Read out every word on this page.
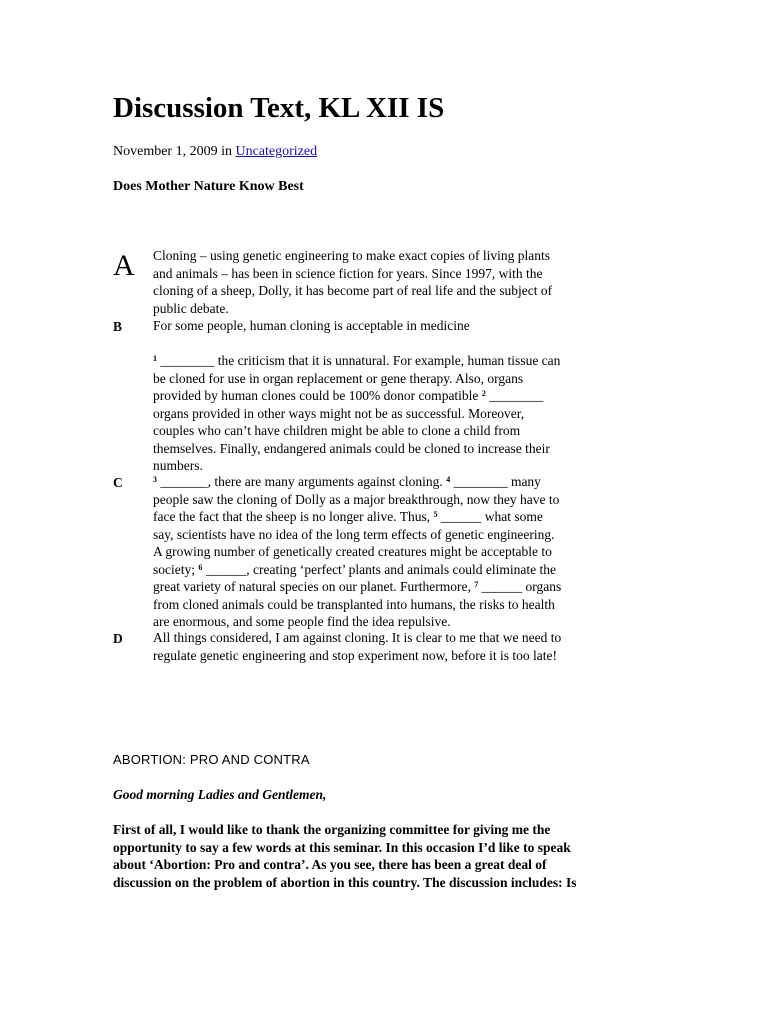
Discussion Text, KL XII IS
November 1, 2009 in Uncategorized
Does Mother Nature Know Best
A Cloning – using genetic engineering to make exact copies of living plants
and animals – has been in science fiction for years. Since 1997, with the
cloning of a sheep, Dolly, it has become part of real life and the subject of
public debate.

B For some people, human cloning is acceptable in medicine

$^1$ ________ the criticism that it is unnatural. For example, human tissue can
be cloned for use in organ replacement or gene therapy. Also, organs
provided by human clones could be 100% donor compatible $^2$ ________
organs provided in other ways might not be as successful. Moreover,
couples who can’t have children might be able to clone a child from
themselves. Finally, endangered animals could be cloned to increase their
numbers.

C	$^3$ _______, there are many arguments against cloning. $^4$ ________ many
people saw the cloning of Dolly as a major breakthrough, now they have to
face the fact that the sheep is no longer alive. Thus, $^5$ ______ what some
say, scientists have no idea of the long term effects of genetic engineering.
A growing number of genetically created creatures might be acceptable to
society; $^6$ ______, creating ‘perfect’ plants and animals could eliminate the
great variety of natural species on our planet. Furthermore, $^7$ ______ organs
from cloned animals could be transplanted into humans, the risks to health
are enormous, and some people find the idea repulsive.

D All things considered, I am against cloning. It is clear to me that we need to
regulate genetic engineering and stop experiment now, before it is too late!

ABORTION: PRO AND CONTRA
Good morning Ladies and Gentlemen,
First of all, I would like to thank the organizing committee for giving me the
opportunity to say a few words at this seminar. In this occasion I’d like to speak
about ‘Abortion: Pro and contra’. As you see, there has been a great deal of
discussion on the problem of abortion in this country. The discussion includes: Is
